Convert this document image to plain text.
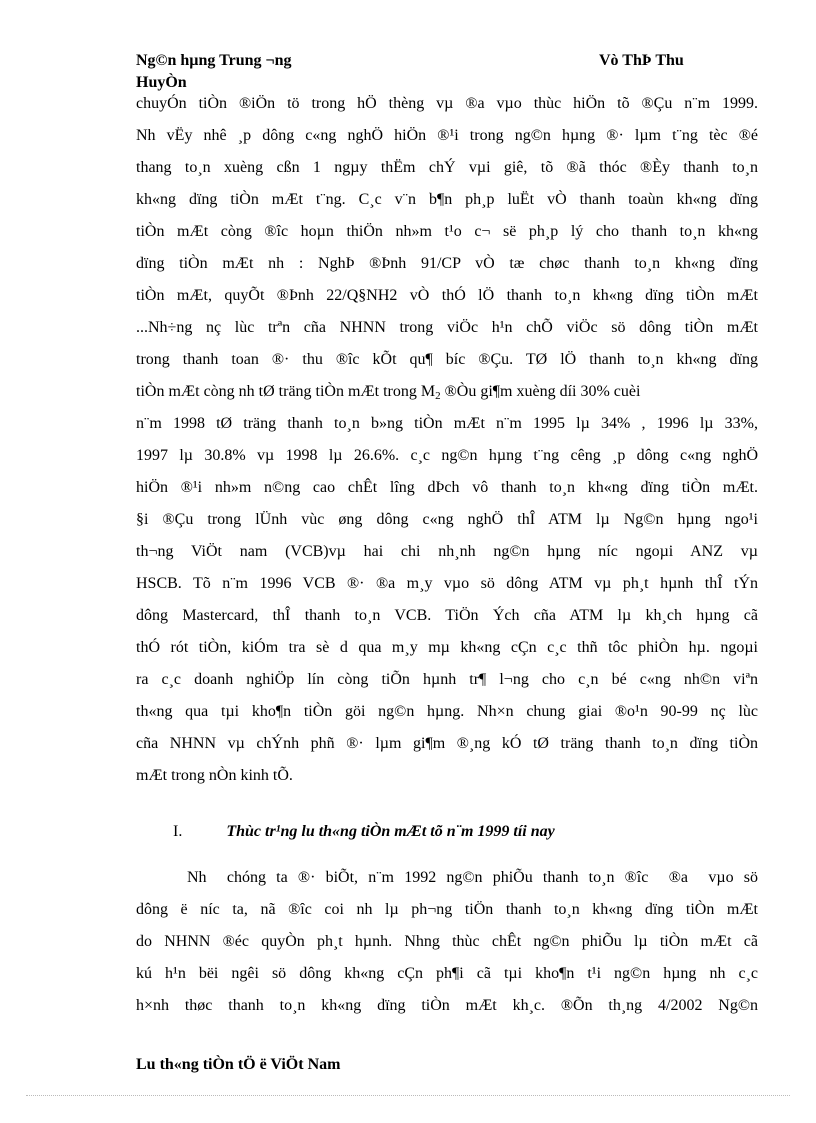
Ng©n hµng Trung ¬ng	Vò ThÞ Thu
HuyÒn
chuyÓn tiÒn ®iÖn tö trong hÖ thèng vµ ®a vµo thùc hiÖn tõ ®Çu n¨m 1999.
Nh vËy nhê ¸p dông c«ng nghÖ hiÖn ®¹i trong ng©n hµng ®· lµm t¨ng tèc ®é
thang to¸n xuèng cßn 1 ngµy thËm chÝ vµi giê, tõ ®ã thóc ®Èy thanh to¸n
kh«ng dïng tiÒn mÆt t¨ng. C¸c v¨n b¶n ph¸p luËt vÒ thanh toaùn kh«ng dïng
tiÒn mÆt còng ®îc hoµn thiÖn nh»m t¹o c¬ së ph¸p lý cho thanh to¸n kh«ng
dïng tiÒn mÆt nh : NghÞ ®Þnh 91/CP vÒ tæ chøc thanh to¸n kh«ng dïng
tiÒn mÆt, quyÕt ®Þnh 22/Q§NH2 vÒ thÓ lÖ thanh to¸n kh«ng dïng tiÒn mÆt
...Nh÷ng nç lùc trªn cña NHNN trong viÖc h¹n chÕ viÖc sö dông tiÒn mÆt
trong thanh toan ®· thu ®îc kÕt qu¶ bíc ®Çu. TØ lÖ thanh to¸n kh«ng dïng
tiÒn mÆt còng nh tØ träng tiÒn mÆt trong $M_2$ ®Òu gi¶m xuèng díi 30% cuèi
n¨m 1998 tØ träng thanh to¸n b»ng tiÒn mÆt n¨m 1995 lµ 34% , 1996 lµ 33%,
1997 lµ 30.8% vµ 1998 lµ 26.6%. c¸c ng©n hµng t¨ng cêng ¸p dông c«ng nghÖ
hiÖn ®¹i nh»m n©ng cao chÊt lîng dÞch vô thanh to¸n kh«ng dïng tiÒn mÆt.
§i ®Çu trong lÜnh vùc øng dông c«ng nghÖ thÎ ATM lµ Ng©n hµng ngo¹i
th¬ng ViÖt nam (VCB)vµ hai chi nh¸nh ng©n hµng níc ngoµi ANZ vµ
HSCB. Tõ n¨m 1996 VCB ®· ®a m¸y vµo sö dông ATM vµ ph¸t hµnh thÎ tÝn
dông Mastercard, thÎ thanh to¸n VCB. TiÖn Ých cña ATM lµ kh¸ch hµng cã
thÓ rót tiÒn, kiÓm tra sè d qua m¸y mµ kh«ng cÇn c¸c thñ tôc phiÒn hµ. ngoµi
ra c¸c doanh nghiÖp lín còng tiÕn hµnh tr¶ l¬ng cho c¸n bé c«ng nh©n viªn
th«ng qua tµi kho¶n tiÒn göi ng©n hµng. Nh×n chung giai ®o¹n 90-99 nç lùc
cña NHNN vµ chÝnh phñ ®· lµm gi¶m ®¸ng kÓ tØ träng thanh to¸n dïng tiÒn
mÆt trong nÒn kinh tÕ.
I.	Thùc tr¹ng lu th«ng tiÒn mÆt tõ n¨m 1999 tíi nay
Nh  chóng ta ®· biÕt, n¨m 1992 ng©n phiÕu thanh to¸n ®îc  ®a  vµo sö
dông ë níc ta, nã ®îc coi nh lµ ph¬ng tiÖn thanh to¸n kh«ng dïng tiÒn mÆt
do NHNN ®éc quyÒn ph¸t hµnh. Nhng thùc chÊt ng©n phiÕu lµ tiÒn mÆt cã
kú h¹n bëi ngêi sö dông kh«ng cÇn ph¶i cã tµi kho¶n t¹i ng©n hµng nh c¸c
h×nh thøc thanh to¸n kh«ng dïng tiÒn mÆt kh¸c. ®Õn th¸ng 4/2002 Ng©n
Lu th«ng tiÒn tÖ ë ViÖt Nam
